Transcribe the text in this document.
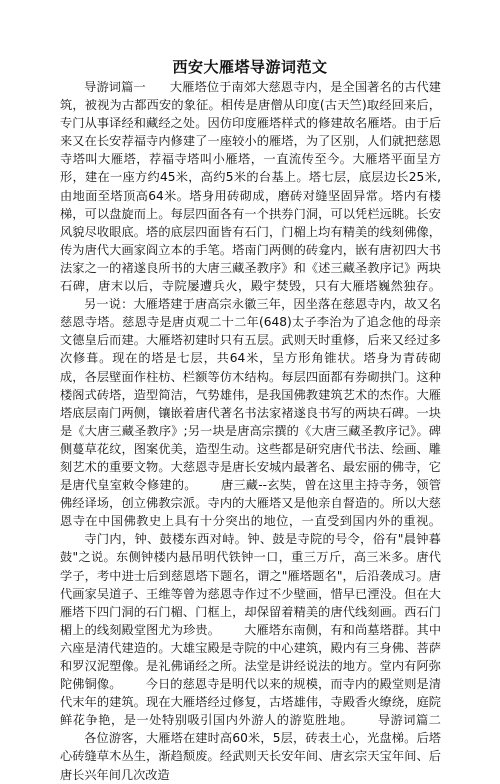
西安大雁塔导游词范文
导游词篇一 大雁塔位于南郊大慈恩寺内，是全国著名的古代建筑，被视为古都西安的象征。相传是唐僧从印度(古天竺)取经回来后，专门从事译经和藏经之处。因仿印度雁塔样式的修建故名雁塔。由于后来又在长安荐福寺内修建了一座较小的雁塔，为了区别，人们就把慈恩寺塔叫大雁塔，荐福寺塔叫小雁塔，一直流传至今。大雁塔平面呈方形，建在一座方约45米，高约5米的台基上。塔七层，底层边长25米,由地面至塔顶高64米。塔身用砖砌成，磨砖对缝坚固异常。塔内有楼梯，可以盘旋而上。每层四面各有一个拱券门洞，可以凭栏远眺。长安风貌尽收眼底。塔的底层四面皆有石门，门楣上均有精美的线刻佛像，传为唐代大画家阎立本的手笔。塔南门两侧的砖龛内，嵌有唐初四大书法家之一的褚遂良所书的大唐三藏圣教序》和《述三藏圣教序记》两块石碑，唐末以后，寺院屡遭兵火，殿宇焚毁，只有大雁塔巍然独存。另一说：大雁塔建于唐高宗永徽三年，因坐落在慈恩寺内，故又名慈恩寺塔。慈恩寺是唐贞观二十二年(648)太子李治为了追念他的母亲文德皇后而建。大雁塔初建时只有五层。武则天时重修，后来又经过多次修葺。现在的塔是七层，共64米，呈方形角锥状。塔身为青砖砌成，各层壁面作柱枋、栏额等仿木结构。每层四面都有券砌拱门。这种楼阁式砖塔，造型简洁，气势雄伟，是我国佛教建筑艺术的杰作。大雁塔底层南门两侧，镶嵌着唐代著名书法家褚遂良书写的两块石碑。一块是《大唐三藏圣教序》;另一块是唐高宗撰的《大唐三藏圣教序记》。碑侧蔓草花纹，图案优美，造型生动。这些都是研究唐代书法、绘画、雕刻艺术的重要文物。大慈恩寺是唐长安城内最著名、最宏丽的佛寺，它是唐代皇室敕令修建的。 唐三藏--玄奘，曾在这里主持寺务，领管佛经译场，创立佛教宗派。寺内的大雁塔又是他亲自督造的。所以大慈恩寺在中国佛教史上具有十分突出的地位，一直受到国内外的重视。寺门内，钟、鼓楼东西对峙。钟、鼓是寺院的号令，俗有"晨钟暮鼓"之说。东侧钟楼内悬吊明代铁钟一口，重三万斤，高三米多。唐代学子，考中进士后到慈恩塔下题名，谓之"雁塔题名"，后沿袭成习。唐代画家吴道子、王维等曾为慈恩寺作过不少壁画，惜早已湮没。但在大雁塔下四门洞的石门楣、门框上，却保留着精美的唐代线刻画。西石门楣上的线刻殿堂图尤为珍贵。 大雁塔东南侧，有和尚墓塔群。其中六座是清代建造的。大雄宝殿是寺院的中心建筑，殿内有三身佛、菩萨和罗汉泥塑像。是礼佛诵经之所。法堂是讲经说法的地方。堂内有阿弥陀佛铜像。 今日的慈恩寺是明代以来的规模，而寺内的殿堂则是清代末年的建筑。现在大雁塔经过修复，古塔雄伟，寺殿香火缭绕，庭院鲜花争艳，是一处特别吸引国内外游人的游览胜地。 导游词篇二各位游客，大雁塔在建时高60米，5层，砖表土心，光盘梯。后塔心砖缝草木丛生，渐趋颓废。经武则天长安年间、唐玄宗天宝年间、后唐长兴年间几次改造
